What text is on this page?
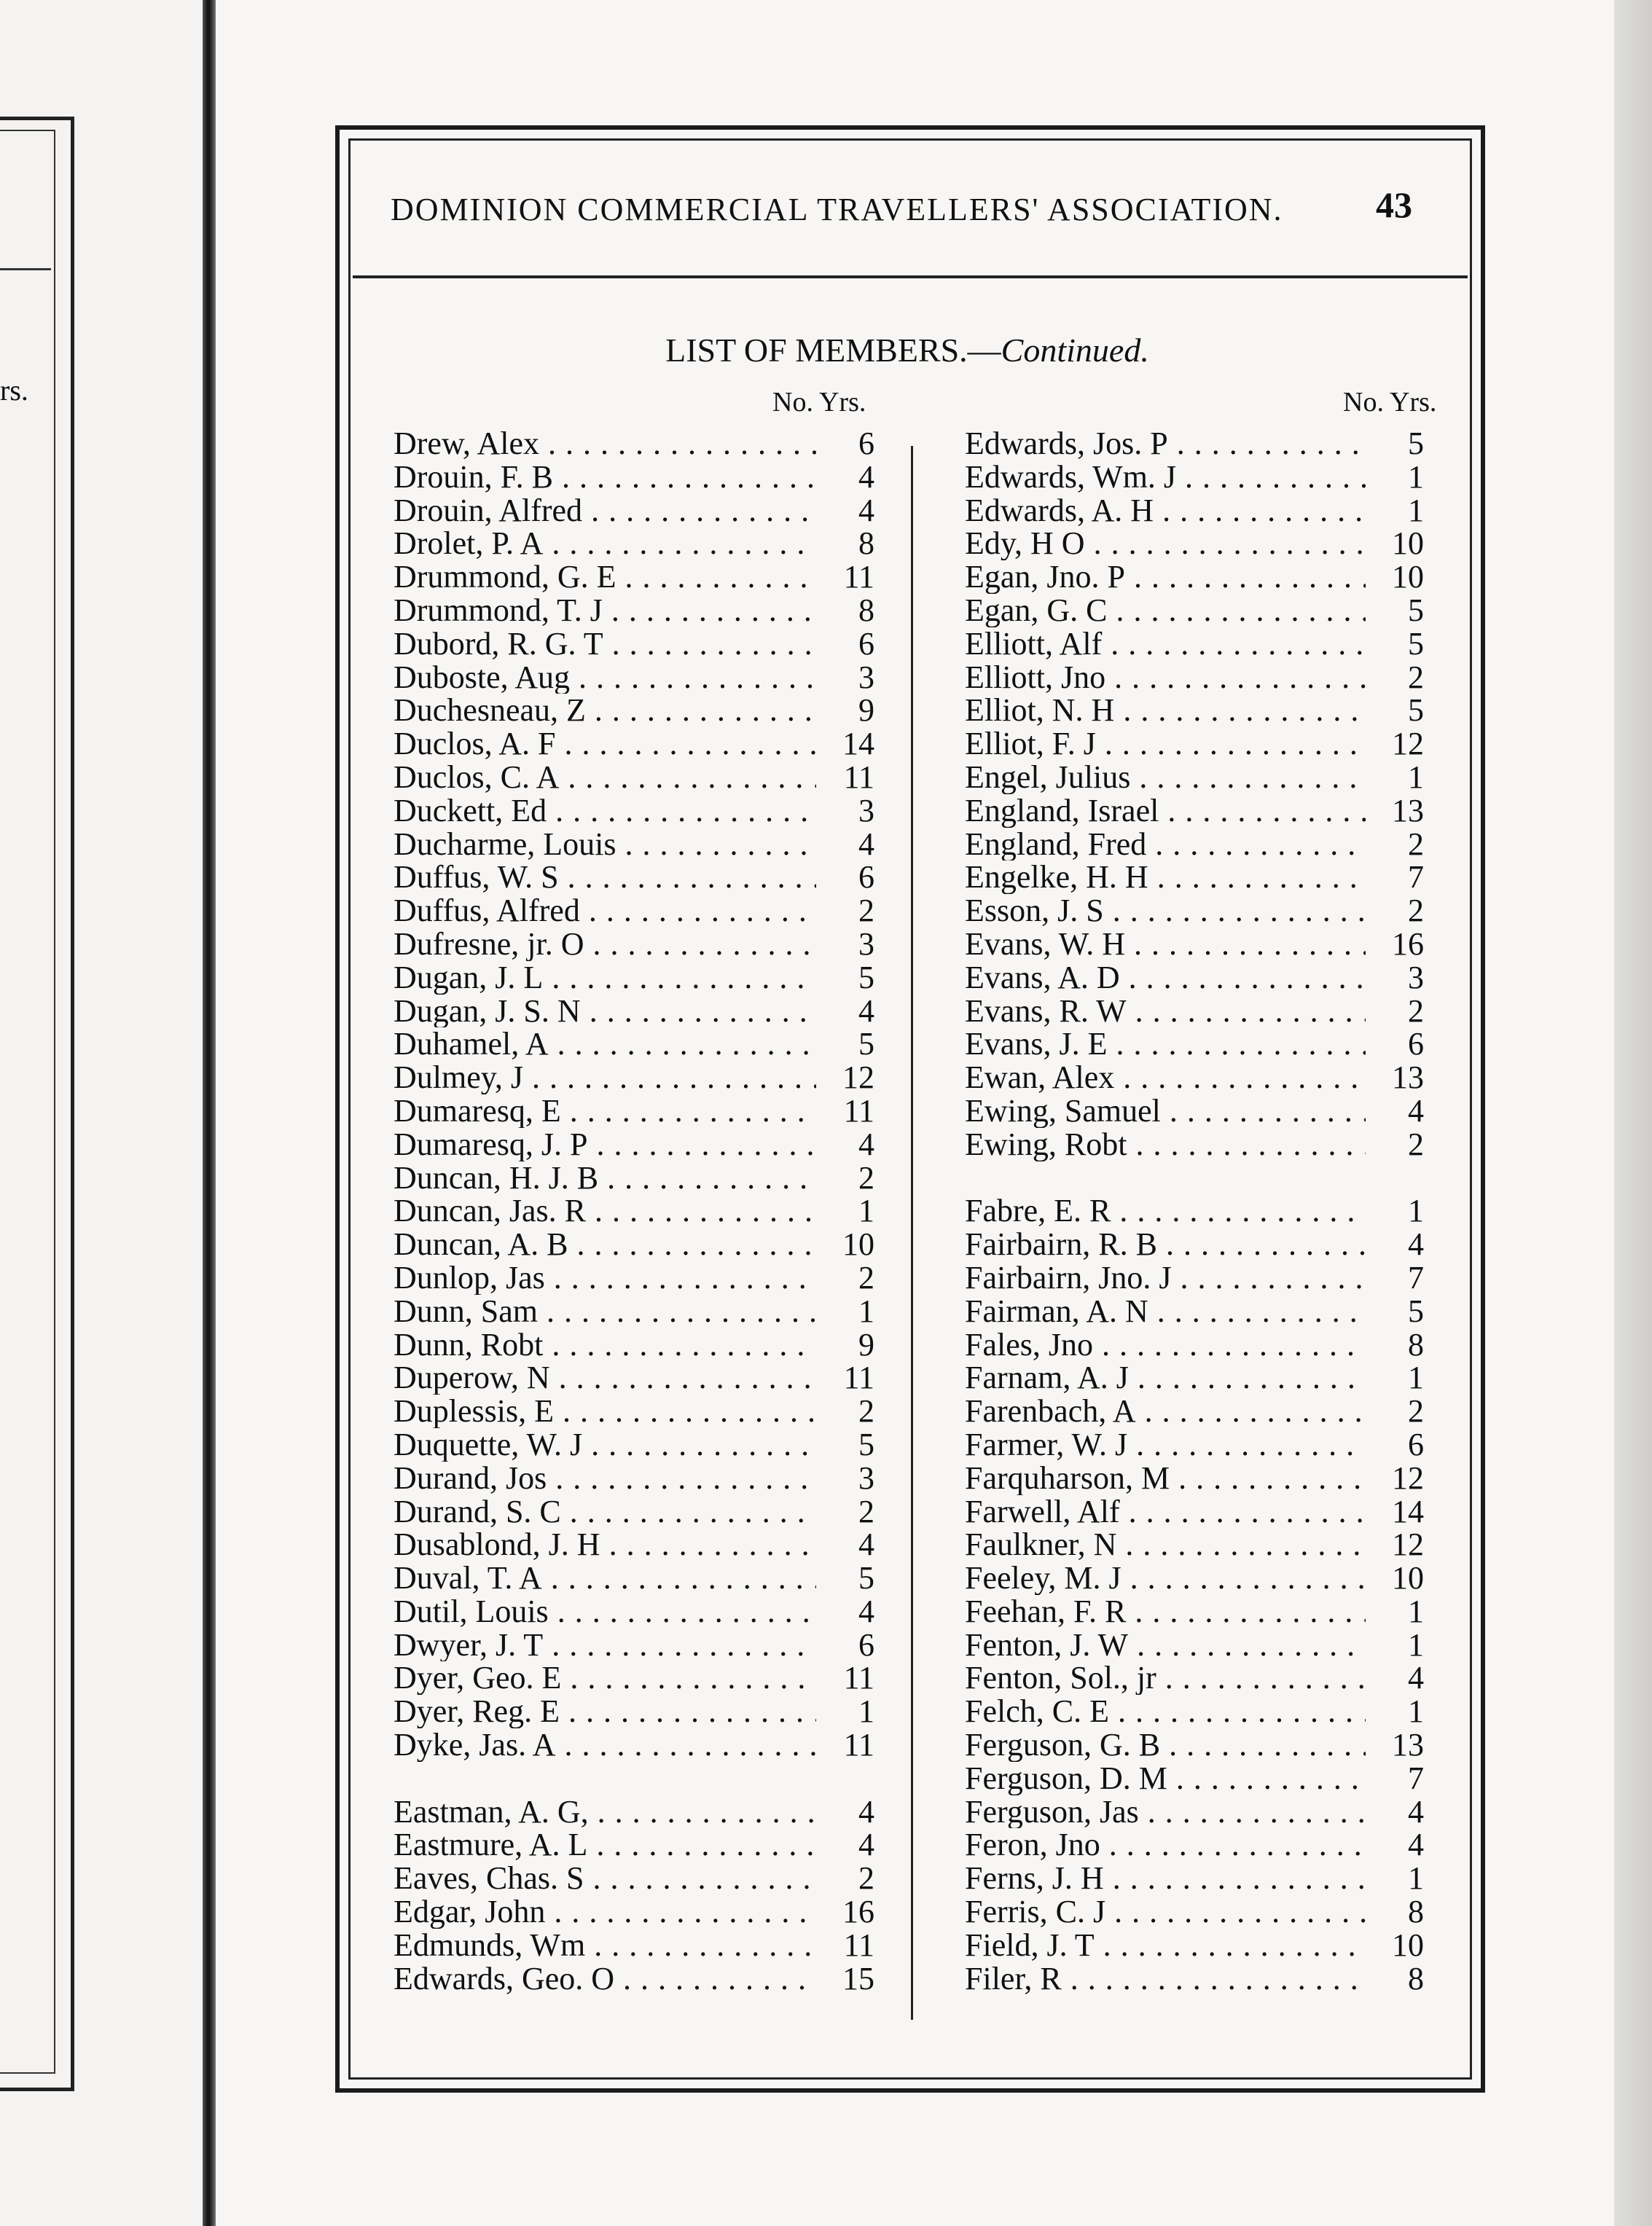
rs.
DOMINION COMMERCIAL TRAVELLERS' ASSOCIATION.	43
LIST OF MEMBERS.—Continued.
No. Yrs.	No. Yrs.
Drew, Alex . . .	6
Drouin, F. B . . .	4
Drouin, Alfred . . .	4
Drolet, P. A . . .	8
Drummond, G. E . . .	11
Drummond, T. J . . .	8
Dubord, R. G. T . . .	6
Duboste, Aug . . .	3
Duchesneau, Z . . .	9
Duclos, A. F . . .	14
Duclos, C. A . . .	11
Duckett, Ed . . .	3
Ducharme, Louis . . .	4
Duffus, W. S . . .	6
Duffus, Alfred . . .	2
Dufresne, jr. O . . .	3
Dugan, J. L . . .	5
Dugan, J. S. N . . .	4
Duhamel, A . . .	5
Dulmey, J . . .	12
Dumaresq, E . . .	11
Dumaresq, J. P . . .	4
Duncan, H. J. B . . .	2
Duncan, Jas. R . . .	1
Duncan, A. B . . .	10
Dunlop, Jas . . .	2
Dunn, Sam . . .	1
Dunn, Robt . . .	9
Duperow, N . . .	11
Duplessis, E . . .	2
Duquette, W. J . . .	5
Durand, Jos . . .	3
Durand, S. C . . .	2
Dusablond, J. H . . .	4
Duval, T. A . . .	5
Dutil, Louis . . .	4
Dwyer, J. T . . .	6
Dyer, Geo. E . . .	11
Dyer, Reg. E . . .	1
Dyke, Jas. A . . .	11
Eastman, A. G, . . .	4
Eastmure, A. L . . .	4
Eaves, Chas. S . . .	2
Edgar, John . . .	16
Edmunds, Wm . . .	11
Edwards, Geo. O . . .	15
Edwards, Jos. P . . .	5
Edwards, Wm. J . . .	1
Edwards, A. H . . .	1
Edy, H O . . .	10
Egan, Jno. P . . .	10
Egan, G. C . . .	5
Elliott, Alf . . .	5
Elliott, Jno . . .	2
Elliot, N. H . . .	5
Elliot, F. J . . .	12
Engel, Julius . . .	1
England, Israel . . .	13
England, Fred . . .	2
Engelke, H. H . . .	7
Esson, J. S . . .	2
Evans, W. H . . .	16
Evans, A. D . . .	3
Evans, R. W . . .	2
Evans, J. E . . .	6
Ewan, Alex . . .	13
Ewing, Samuel . . .	4
Ewing, Robt . . .	2
Fabre, E. R . . .	1
Fairbairn, R. B . . .	4
Fairbairn, Jno. J . . .	7
Fairman, A. N . . .	5
Fales, Jno . . .	8
Farnam, A. J . . .	1
Farenbach, A . . .	2
Farmer, W. J . . .	6
Farquharson, M . . .	12
Farwell, Alf . . .	14
Faulkner, N . . .	12
Feeley, M. J . . .	10
Feehan, F. R . . .	1
Fenton, J. W . . .	1
Fenton, Sol., jr . . .	4
Felch, C. E . . .	1
Ferguson, G. B . . .	13
Ferguson, D. M . . .	7
Ferguson, Jas . . .	4
Feron, Jno . . .	4
Ferns, J. H . . .	1
Ferris, C. J . . .	8
Field, J. T . . .	10
Filer, R . . .	8
